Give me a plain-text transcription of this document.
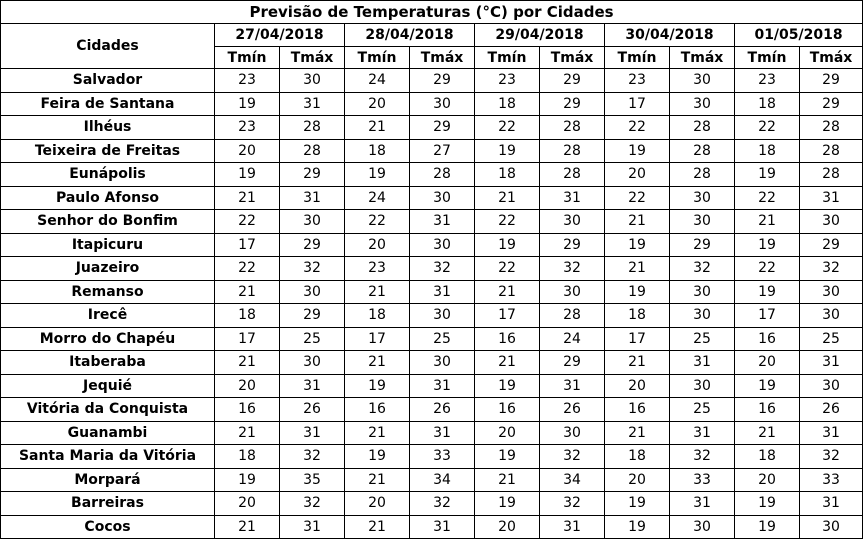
Previsão de Temperaturas (°C) por Cidades										
Cidades	27/04/2018		28/04/2018		29/04/2018		30/04/2018		01/05/2018	
	Tmín	Tmáx	Tmín	Tmáx	Tmín	Tmáx	Tmín	Tmáx	Tmín	Tmáx
Salvador	23	30	24	29	23	29	23	30	23	29
Feira de Santana	19	31	20	30	18	29	17	30	18	29
Ilhéus	23	28	21	29	22	28	22	28	22	28
Teixeira de Freitas	20	28	18	27	19	28	19	28	18	28
Eunápolis	19	29	19	28	18	28	20	28	19	28
Paulo Afonso	21	31	24	30	21	31	22	30	22	31
Senhor do Bonfim	22	30	22	31	22	30	21	30	21	30
Itapicuru	17	29	20	30	19	29	19	29	19	29
Juazeiro	22	32	23	32	22	32	21	32	22	32
Remanso	21	30	21	31	21	30	19	30	19	30
Irecê	18	29	18	30	17	28	18	30	17	30
Morro do Chapéu	17	25	17	25	16	24	17	25	16	25
Itaberaba	21	30	21	30	21	29	21	31	20	31
Jequié	20	31	19	31	19	31	20	30	19	30
Vitória da Conquista	16	26	16	26	16	26	16	25	16	26
Guanambi	21	31	21	31	20	30	21	31	21	31
Santa Maria da Vitória	18	32	19	33	19	32	18	32	18	32
Morpará	19	35	21	34	21	34	20	33	20	33
Barreiras	20	32	20	32	19	32	19	31	19	31
Cocos	21	31	21	31	20	31	19	30	19	30
